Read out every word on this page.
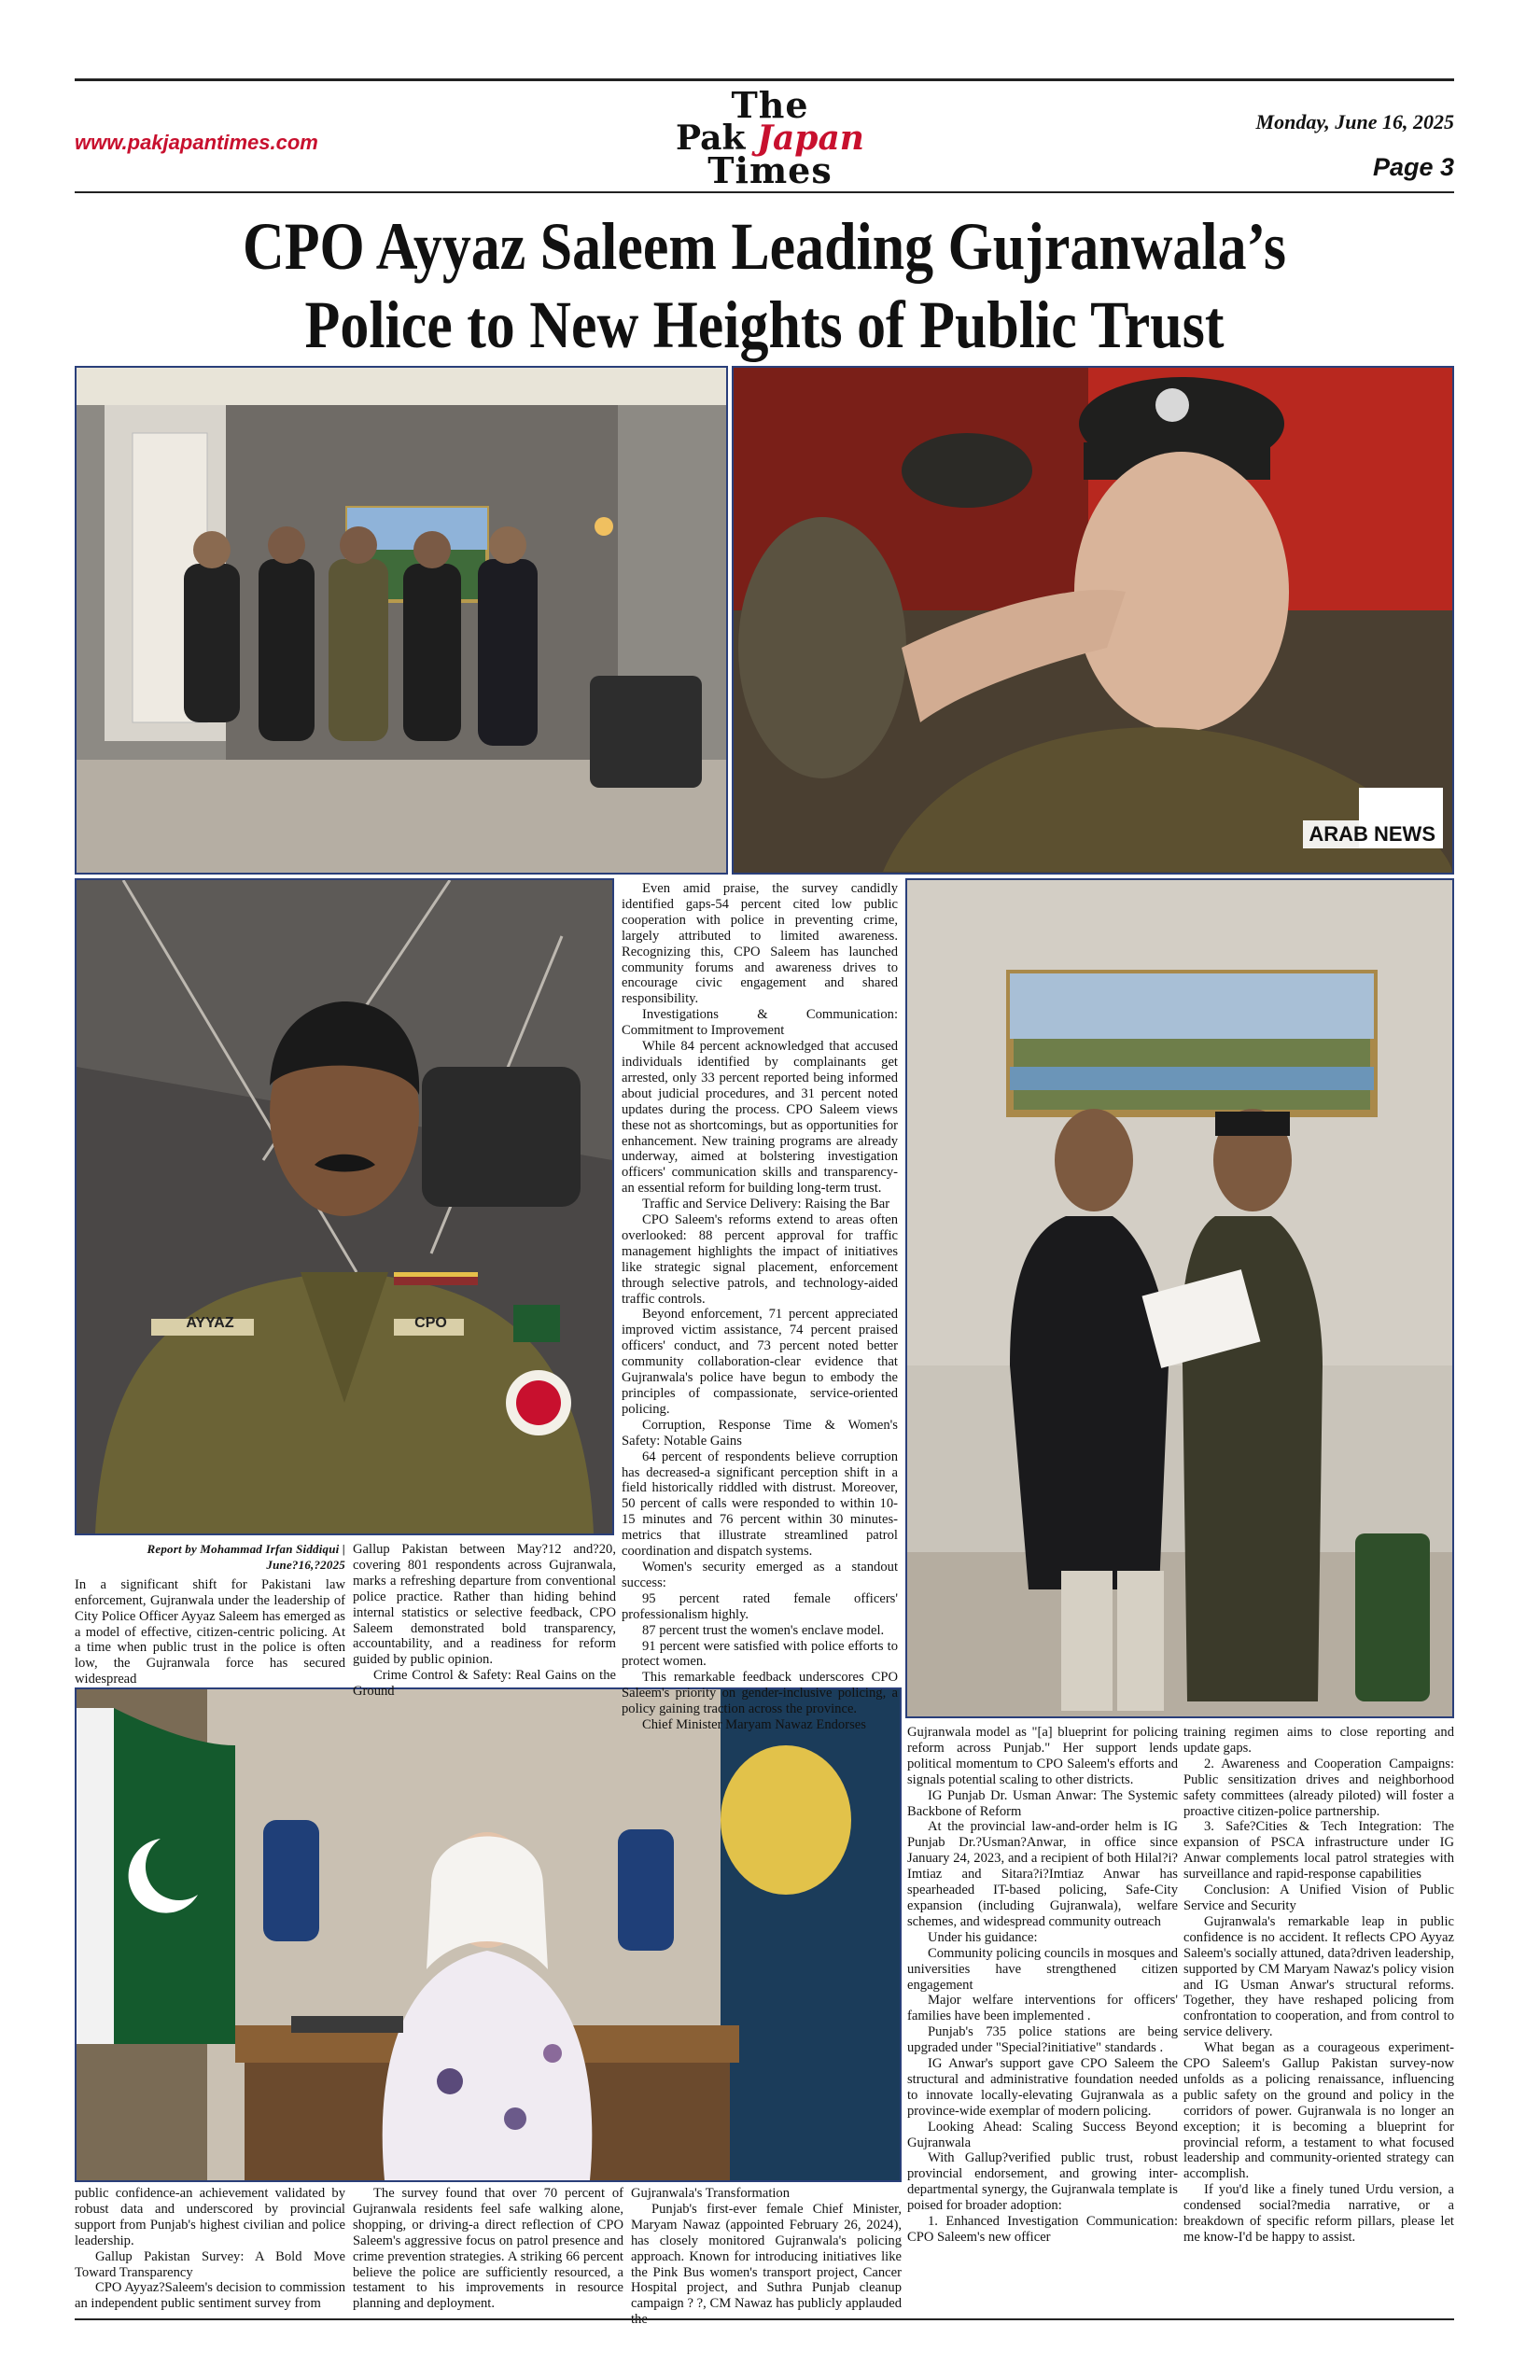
www.pakjapantimes.com
The
Pak Japan
Times
Monday, June 16, 2025
Page 3
CPO Ayyaz Saleem Leading Gujranwala’s
Police to New Heights of Public Trust
ARAB NEWS
AYYAZ	CPO

Even amid praise, the survey candidly identified gaps-54 percent cited low public cooperation with police in preventing crime, largely attributed to limited awareness. Recognizing this, CPO Saleem has launched community forums and awareness drives to encourage civic engagement and shared responsibility.

Investigations & Communication: Commitment to Improvement

While 84 percent acknowledged that accused individuals identified by complainants get arrested, only 33 percent reported being informed about judicial procedures, and 31 percent noted updates during the process. CPO Saleem views these not as shortcomings, but as opportunities for enhancement. New training programs are already underway, aimed at bolstering investigation officers' communication skills and transparency-an essential reform for building long-term trust.

Traffic and Service Delivery: Raising the Bar

CPO Saleem's reforms extend to areas often overlooked: 88 percent approval for traffic management highlights the impact of initiatives like strategic signal placement, enforcement through selective patrols, and technology-aided traffic controls.

Beyond enforcement, 71 percent appreciated improved victim assistance, 74 percent praised officers' conduct, and 73 percent noted better community collaboration-clear evidence that Gujranwala's police have begun to embody the principles of compassionate, service-oriented policing.

Corruption, Response Time & Women's Safety: Notable Gains

64 percent of respondents believe corruption has decreased-a significant perception shift in a field historically riddled with distrust. Moreover, 50 percent of calls were responded to within 10-15 minutes and 76 percent within 30 minutes-metrics that illustrate streamlined patrol coordination and dispatch systems.

Women's security emerged as a standout success:

95 percent rated female officers' professionalism highly.

87 percent trust the women's enclave model.

91 percent were satisfied with police efforts to protect women.

This remarkable feedback underscores CPO Saleem's priority on gender-inclusive policing, a policy gaining traction across the province.

Chief Minister Maryam Nawaz Endorses

Report by Mohammad Irfan Siddiqui |
June?16,?2025

In a significant shift for Pakistani law enforcement, Gujranwala under the leadership of City Police Officer Ayyaz Saleem has emerged as a model of effective, citizen-centric policing. At a time when public trust in the police is often low, the Gujranwala force has secured widespread

Gallup Pakistan between May?12 and?20, covering 801 respondents across Gujranwala, marks a refreshing departure from conventional police practice. Rather than hiding behind internal statistics or selective feedback, CPO Saleem demonstrated bold transparency, accountability, and a readiness for reform guided by public opinion.

Crime Control & Safety: Real Gains on the Ground

Gujranwala model as "[a] blueprint for policing reform across Punjab." Her support lends political momentum to CPO Saleem's efforts and signals potential scaling to other districts.

IG Punjab Dr. Usman Anwar: The Systemic Backbone of Reform

At the provincial law-and-order helm is IG Punjab Dr.?Usman?Anwar, in office since January 24, 2023, and a recipient of both Hilal?i?Imtiaz and Sitara?i?Imtiaz Anwar has spearheaded IT-based policing, Safe-City expansion (including Gujranwala), welfare schemes, and widespread community outreach

Under his guidance:

Community policing councils in mosques and universities have strengthened citizen engagement

Major welfare interventions for officers' families have been implemented .

Punjab's 735 police stations are being upgraded under "Special?initiative" standards .

IG Anwar's support gave CPO Saleem the structural and administrative foundation needed to innovate locally-elevating Gujranwala as a province-wide exemplar of modern policing.

Looking Ahead: Scaling Success Beyond Gujranwala

With Gallup?verified public trust, robust provincial endorsement, and growing inter-departmental synergy, the Gujranwala template is poised for broader adoption:

1. Enhanced Investigation Communication: CPO Saleem's new officer

training regimen aims to close reporting and update gaps.

2. Awareness and Cooperation Campaigns: Public sensitization drives and neighborhood safety committees (already piloted) will foster a proactive citizen-police partnership.

3. Safe?Cities & Tech Integration: The expansion of PSCA infrastructure under IG Anwar complements local patrol strategies with surveillance and rapid-response capabilities

Conclusion: A Unified Vision of Public Service and Security

Gujranwala's remarkable leap in public confidence is no accident. It reflects CPO Ayyaz Saleem's socially attuned, data?driven leadership, supported by CM Maryam Nawaz's policy vision and IG Usman Anwar's structural reforms. Together, they have reshaped policing from confrontation to cooperation, and from control to service delivery.

What began as a courageous experiment-CPO Saleem's Gallup Pakistan survey-now unfolds as a policing renaissance, influencing public safety on the ground and policy in the corridors of power. Gujranwala is no longer an exception; it is becoming a blueprint for provincial reform, a testament to what focused leadership and community-oriented strategy can accomplish.

If you'd like a finely tuned Urdu version, a condensed social?media narrative, or a breakdown of specific reform pillars, please let me know-I'd be happy to assist.

public confidence-an achievement validated by robust data and underscored by provincial support from Punjab's highest civilian and police leadership.

Gallup Pakistan Survey: A Bold Move Toward Transparency

CPO Ayyaz?Saleem's decision to commission an independent public sentiment survey from

The survey found that over 70 percent of Gujranwala residents feel safe walking alone, shopping, or driving-a direct reflection of CPO Saleem's aggressive focus on patrol presence and crime prevention strategies. A striking 66 percent believe the police are sufficiently resourced, a testament to his improvements in resource planning and deployment.

Gujranwala's Transformation

Punjab's first-ever female Chief Minister, Maryam Nawaz (appointed February 26, 2024), has closely monitored Gujranwala's policing approach. Known for introducing initiatives like the Pink Bus women's transport project, Cancer Hospital project, and Suthra Punjab cleanup campaign ? ?, CM Nawaz has publicly applauded
